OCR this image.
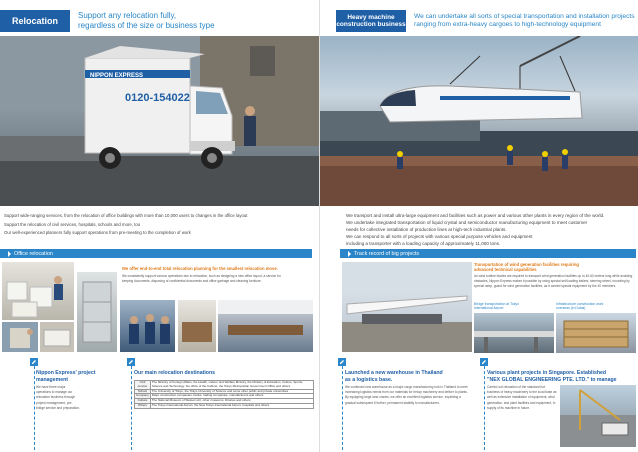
Relocation
Support any relocation fully,
regardless of the size or business type
NIPPON EXPRESS
0120-154022
Support wide-ranging services, from the relocation of office buildings with more than 10,000 users to changes in the office layout
Support the relocation of civil services, hospitals, schools and more, too
Our well-experienced planners fully support operations from pre-meeting to the completion of work
Office relocation
We offer end-to-end total relocation planning for the smallest relocation move.
We consistently support various operations due to relocation, such as designing a new office layout, a service for keeping documents, disposing of confidential documents and office garbage and cleaning furniture.
Nippon Express' project
management
We have three major operations to manage our relocation business through project management, pre-bridge service and preparation.
Our main relocation destinations
Civil service	The Ministry of Foreign Affairs, the Health, Labour and Welfare Ministry, the Ministry of Education, Culture, Sports, Science and Technology, the office of the Cabinet, the Tokyo Metropolitan Government Office and others
School	The University of Tokyo, the Tokyo University of Science and some other public and private universities
Company	Major construction companies, banks, trading companies, manufacturers and others
Culture	The National Museum of Western Art, other museums, libraries and others
Others	The Tokyo International Airport, the New Tokyo International Airport, hospitals and others
Heavy machine
construction business
We can undertake all sorts of special transportation and installation projects
ranging from extra-heavy cargoes to high-technology equipment
We transport and install ultra-large equipment and facilities such as power and various other plants in every region of the world.
We undertake integrated transportation of liquid crystal and semiconductor manufacturing equipment to meet customer
needs for collective installation of production lines at high-tech industrial plants.
We can respond to all sorts of projects with various special purpose vehicles and equipment
including a transporter with a loading capacity of approximately 11,000 tons.
Track record of big projects
Transportation of wind generation facilities requiring
advanced technical capabilities
As wind turbine blades are required to transport wind generation facilities up to 40-60 meters long while avoiding obstacles, Nippon Express makes it possible by using special self-loading trailers, steering wheel, mounting by special ramp, guard for wind generation facilities, as it carried special equipment by the 40 members.
Bridge transportation at Tokyo
International Airport
Infrastructure construction work
overseas (in Dubai)
Launched a new warehouse in Thailand
as a logistics base.
We continued new warehouse as a major cargo manufacturing hub in Thailand to meet increasing logistics needs from our materials for heavy machinery and deliver to plants. By equipping large land cranes, we offer an excellent logistics service, exploiting a gradual subsequent 6 further, permanent stability to manufacturers.
Various plant projects in Singapore. Established
"NEX GLOBAL ENGINEERING PTE. LTD." to manage
Carried out relocation of the standard hot business of heavy machinery to the local base as well as extensive installation of equipment, wind generation, and plant facilities and equipment, in supply of its machine in future.
